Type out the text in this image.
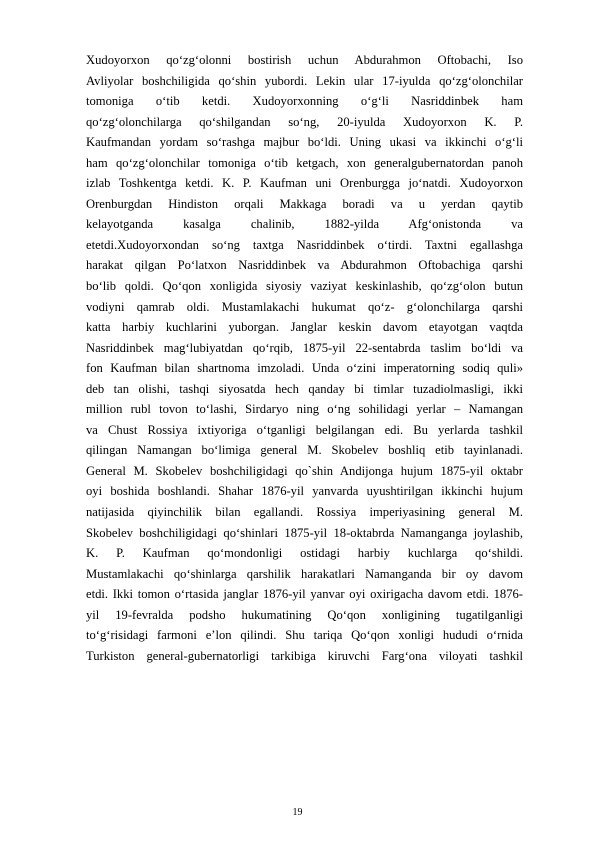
Xudoyorxon qo‘zg‘olonni bostirish uchun Abdurahmon Oftobachi, Iso
Avliyolar boshchiligida qo‘shin yubordi. Lekin ular 17-iyulda qo‘zg‘olonchilar
tomoniga o‘tib ketdi. Xudoyorxonning o‘g‘li Nasriddinbek ham
qo‘zg‘olonchilarga qo‘shilgandan so‘ng, 20-iyulda Xudoyorxon K. P.
Kaufmandan yordam so‘rashga majbur bo‘ldi. Uning ukasi va ikkinchi o‘g‘li
ham qo‘zg‘olonchilar tomoniga o‘tib ketgach, xon generalgubernatordan panoh
izlab Toshkentga ketdi. K. P. Kaufman uni Orenburgga jo‘natdi. Xudoyorxon
Orenburgdan Hindiston orqali Makkaga boradi va u yerdan qaytib
kelayotganda kasalga chalinib, 1882-yilda Afg‘onistonda va
etetdi.Xudoyorxondan so‘ng taxtga Nasriddinbek o‘tirdi. Taxtni egallashga
harakat qilgan Po‘latxon Nasriddinbek va Abdurahmon Oftobachiga qarshi
bo‘lib qoldi. Qo‘qon xonligida siyosiy vaziyat keskinlashib, qo‘zg‘olon butun
vodiyni qamrab oldi. Mustamlakachi hukumat qo‘z- g‘olonchilarga qarshi
katta harbiy kuchlarini yuborgan. Janglar keskin davom etayotgan vaqtda
Nasriddinbek mag‘lubiyatdan qo‘rqib, 1875-yil 22-sentabrda taslim bo‘ldi va
fon Kaufman bilan shartnoma imzoladi. Unda o‘zini imperatorning sodiq quli»
deb tan olishi, tashqi siyosatda hech qanday bi timlar tuzadiolmasligi, ikki
million rubl tovon to‘lashi, Sirdaryo ning o‘ng sohilidagi yerlar – Namangan
va Chust Rossiya ixtiyoriga o‘tganligi belgilangan edi. Bu yerlarda tashkil
qilingan Namangan bo‘limiga general M. Skobelev boshliq etib tayinlanadi.
General M. Skobelev boshchiligidagi qo`shin Andijonga hujum 1875-yil oktabr
oyi boshida boshlandi. Shahar 1876-yil yanvarda uyushtirilgan ikkinchi hujum
natijasida qiyinchilik bilan egallandi. Rossiya imperiyasining general M.
Skobelev boshchiligidagi qo‘shinlari 1875-yil 18-oktabrda Namanganga joylashib,
K. P. Kaufman qo‘mondonligi ostidagi harbiy kuchlarga qo‘shildi.
Mustamlakachi qo‘shinlarga qarshilik harakatlari Namanganda bir oy davom
etdi. Ikki tomon o‘rtasida janglar 1876-yil yanvar oyi oxirigacha davom etdi. 1876-
yil 19-fevralda podsho hukumatining Qo‘qon xonligining tugatilganligi
to‘g‘risidagi farmoni e’lon qilindi. Shu tariqa Qo‘qon xonligi hududi o‘rnida
Turkiston general-gubernatorligi tarkibiga kiruvchi Farg‘ona viloyati tashkil
19
